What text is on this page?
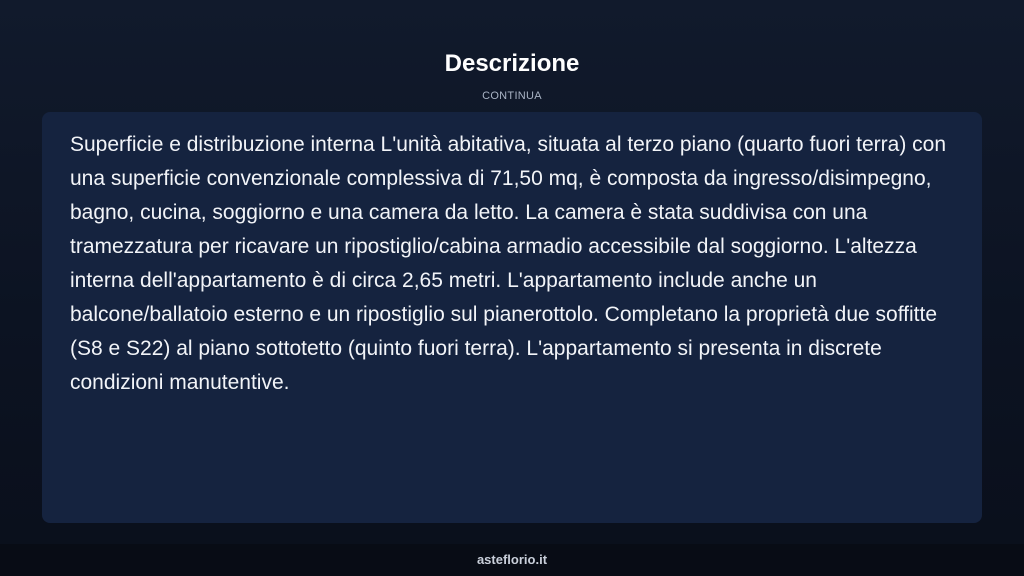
Descrizione
CONTINUA

Superficie e distribuzione interna L'unità abitativa, situata al terzo piano (quarto fuori terra) con una superficie convenzionale complessiva di 71,50 mq, è composta da ingresso/disimpegno, bagno, cucina, soggiorno e una camera da letto. La camera è stata suddivisa con una tramezzatura per ricavare un ripostiglio/cabina armadio accessibile dal soggiorno. L'altezza interna dell'appartamento è di circa 2,65 metri. L'appartamento include anche un balcone/ballatoio esterno e un ripostiglio sul pianerottolo. Completano la proprietà due soffitte (S8 e S22) al piano sottotetto (quinto fuori terra). L'appartamento si presenta in discrete condizioni manutentive.

asteflorio.it
